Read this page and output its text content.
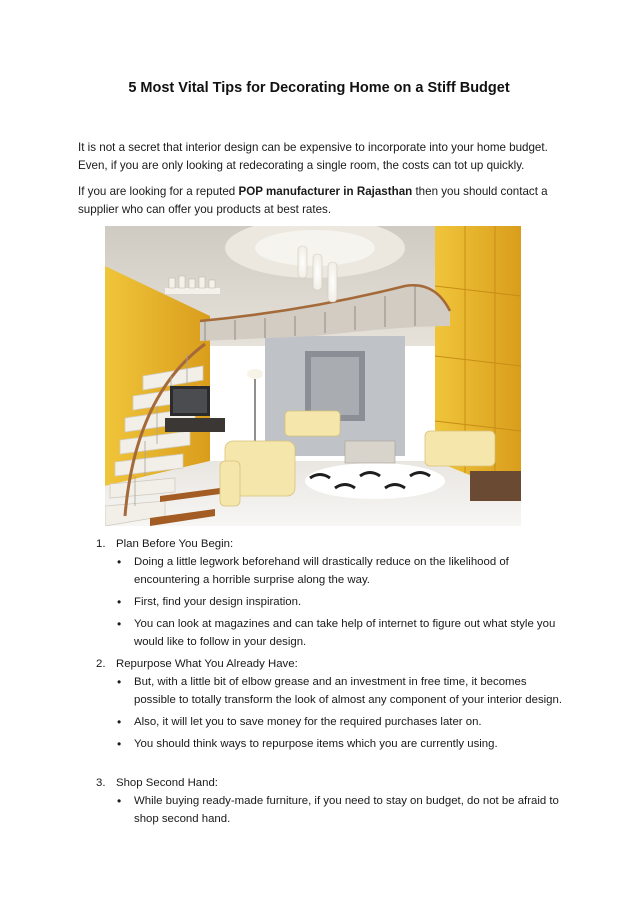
5 Most Vital Tips for Decorating Home on a Stiff Budget
It is not a secret that interior design can be expensive to incorporate into your home budget. Even, if you are only looking at redecorating a single room, the costs can tot up quickly.
If you are looking for a reputed POP manufacturer in Rajasthan then you should contact a supplier who can offer you products at best rates.
1. Plan Before You Begin:
• Doing a little legwork beforehand will drastically reduce on the likelihood of encountering a horrible surprise along the way.
• First, find your design inspiration.
• You can look at magazines and can take help of internet to figure out what style you would like to follow in your design.
2. Repurpose What You Already Have:
• But, with a little bit of elbow grease and an investment in free time, it becomes possible to totally transform the look of almost any component of your interior design.
• Also, it will let you to save money for the required purchases later on.
• You should think ways to repurpose items which you are currently using.
3. Shop Second Hand:
• While buying ready-made furniture, if you need to stay on budget, do not be afraid to shop second hand.
